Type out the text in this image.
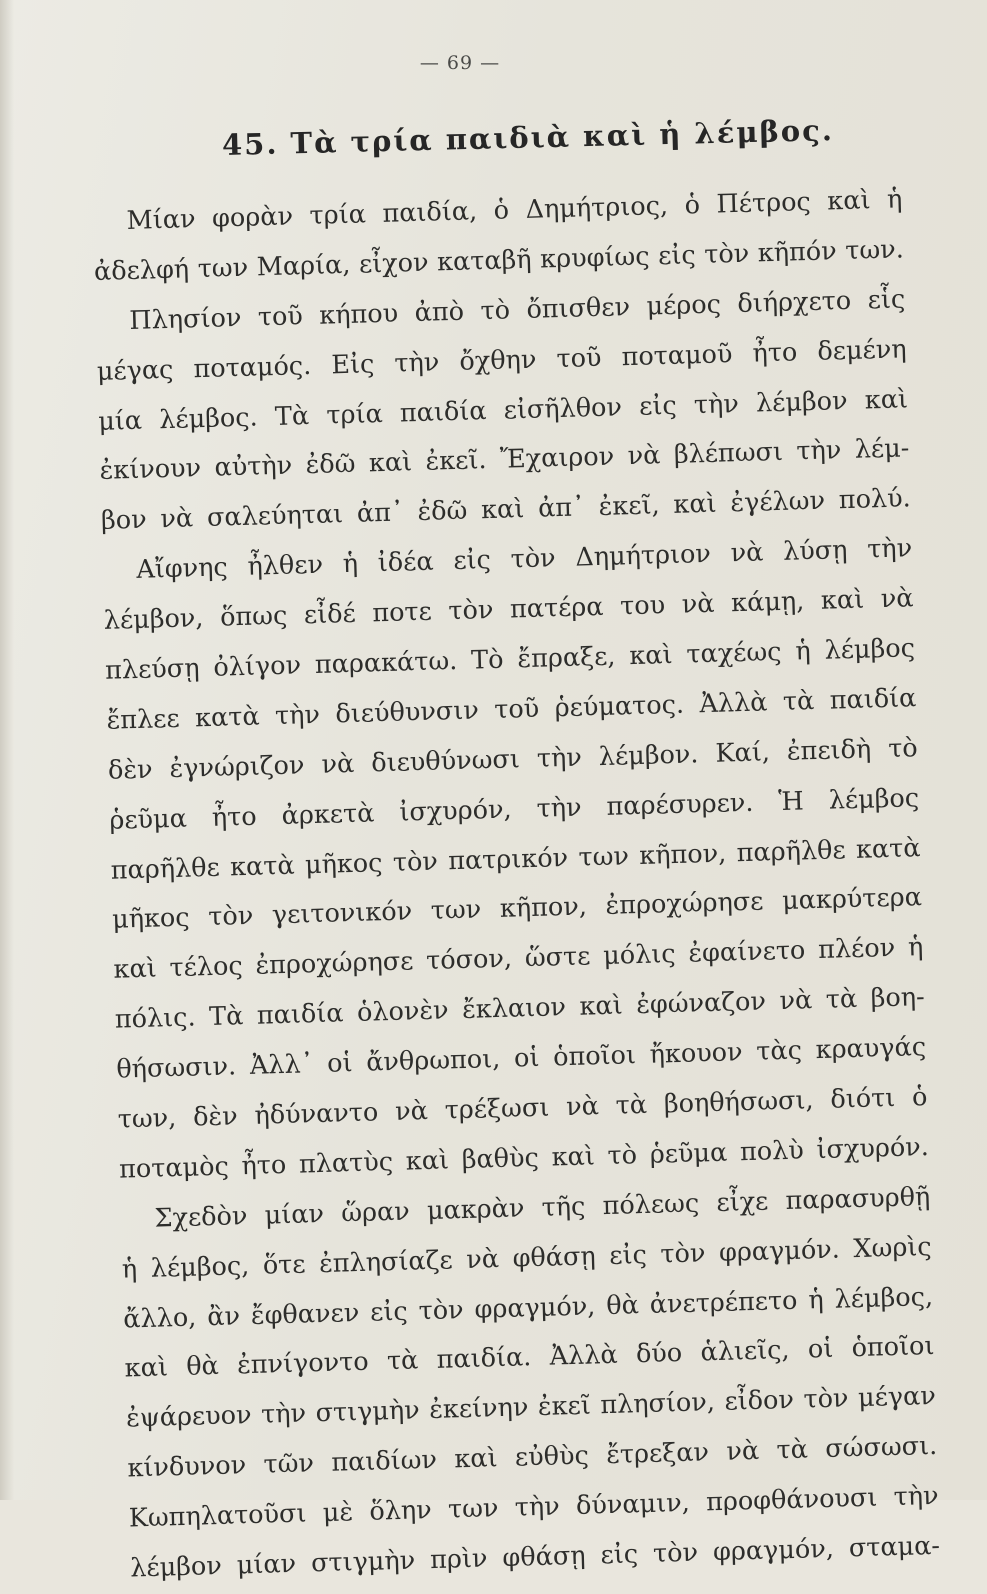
— 69 —
45. Τὰ τρία παιδιὰ καὶ ἡ λέμβος.
Μίαν φορὰν τρία παιδία, ὁ Δημήτριος, ὁ Πέτρος καὶ ἡ
ἀδελφή των Μαρία, εἶχον καταβῆ κρυφίως εἰς τὸν κῆπόν των.
Πλησίον τοῦ κήπου ἀπὸ τὸ ὄπισθεν μέρος διήρχετο εἷς
μέγας ποταμός. Εἰς τὴν ὄχθην τοῦ ποταμοῦ ἦτο δεμένη
μία λέμβος. Τὰ τρία παιδία εἰσῆλθον εἰς τὴν λέμβον καὶ
ἐκίνουν αὐτὴν ἐδῶ καὶ ἐκεῖ. Ἔχαιρον νὰ βλέπωσι τὴν λέμ-
βον νὰ σαλεύηται ἀπ᾽ ἐδῶ καὶ ἀπ᾽ ἐκεῖ, καὶ ἐγέλων πολύ.
Αἴφνης ἦλθεν ἡ ἰδέα εἰς τὸν Δημήτριον νὰ λύσῃ τὴν
λέμβον, ὅπως εἶδέ ποτε τὸν πατέρα του νὰ κάμῃ, καὶ νὰ
πλεύσῃ ὀλίγον παρακάτω. Τὸ ἔπραξε, καὶ ταχέως ἡ λέμβος
ἔπλεε κατὰ τὴν διεύθυνσιν τοῦ ῥεύματος. Ἀλλὰ τὰ παιδία
δὲν ἐγνώριζον νὰ διευθύνωσι τὴν λέμβον. Καί, ἐπειδὴ τὸ
ῥεῦμα ἦτο ἀρκετὰ ἰσχυρόν, τὴν παρέσυρεν. Ἡ λέμβος
παρῆλθε κατὰ μῆκος τὸν πατρικόν των κῆπον, παρῆλθε κατὰ
μῆκος τὸν γειτονικόν των κῆπον, ἐπροχώρησε μακρύτερα
καὶ τέλος ἐπροχώρησε τόσον, ὥστε μόλις ἐφαίνετο πλέον ἡ
πόλις. Τὰ παιδία ὁλονὲν ἔκλαιον καὶ ἐφώναζον νὰ τὰ βοη-
θήσωσιν. Ἀλλ᾽ οἱ ἄνθρωποι, οἱ ὁποῖοι ἤκουον τὰς κραυγάς
των, δὲν ἠδύναντο νὰ τρέξωσι νὰ τὰ βοηθήσωσι, διότι ὁ
ποταμὸς ἦτο πλατὺς καὶ βαθὺς καὶ τὸ ῥεῦμα πολὺ ἰσχυρόν.
Σχεδὸν μίαν ὥραν μακρὰν τῆς πόλεως εἶχε παρασυρθῇ
ἡ λέμβος, ὅτε ἐπλησίαζε νὰ φθάσῃ εἰς τὸν φραγμόν. Χωρὶς
ἄλλο, ἂν ἔφθανεν εἰς τὸν φραγμόν, θὰ ἀνετρέπετο ἡ λέμβος,
καὶ θὰ ἐπνίγοντο τὰ παιδία. Ἀλλὰ δύο ἁλιεῖς, οἱ ὁποῖοι
ἐψάρευον τὴν στιγμὴν ἐκείνην ἐκεῖ πλησίον, εἶδον τὸν μέγαν
κίνδυνον τῶν παιδίων καὶ εὐθὺς ἔτρεξαν νὰ τὰ σώσωσι.
Κωπηλατοῦσι μὲ ὅλην των τὴν δύναμιν, προφθάνουσι τὴν
λέμβον μίαν στιγμὴν πρὶν φθάσῃ εἰς τὸν φραγμόν, σταμα-
